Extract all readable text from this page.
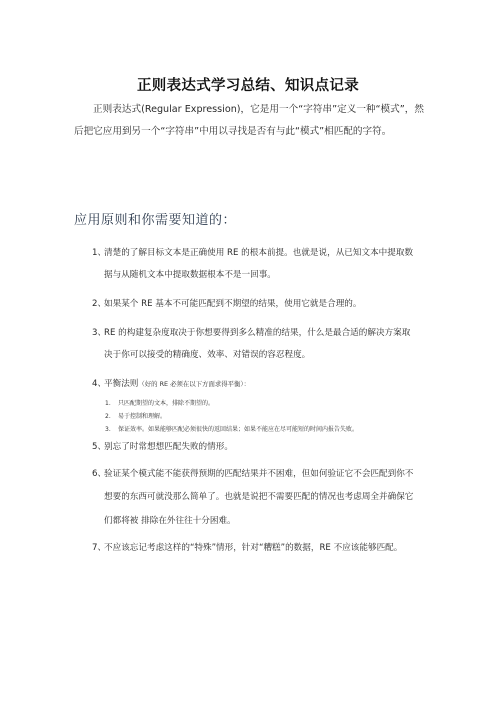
正则表达式学习总结、知识点记录
正则表达式(Regular Expression)，它是用一个“字符串”定义一种“模式”，然后把它应用到另一个“字符串”中用以寻找是否有与此“模式”相匹配的字符。
应用原则和你需要知道的：
1、清楚的了解目标文本是正确使用 RE 的根本前提。也就是说，从已知文本中提取数
据与从随机文本中提取数据根本不是一回事。
2、如果某个 RE 基本不可能匹配到不期望的结果，使用它就是合理的。
3、RE 的构建复杂度取决于你想要得到多么精准的结果，什么是最合适的解决方案取
决于你可以接受的精确度、效率、对错误的容忍程度。
4、平衡法则（好的 RE 必须在以下方面求得平衡）：
1. 只匹配期望的文本，排除不期望的。
2. 易于控制和理解。
3. 保证效率。如果能够匹配必须很快的返回结果；如果不能应在尽可能短的时间内报告失败。
5、别忘了时常想想匹配失败的情形。
6、验证某个模式能不能获得预期的匹配结果并不困难，但如何验证它不会匹配到你不
想要的东西可就没那么简单了。也就是说把不需要匹配的情况也考虑周全并确保它
们都将被 排除在外往往十分困难。
7、不应该忘记考虑这样的“特殊”情形，针对“糟糕”的数据，RE 不应该能够匹配。
